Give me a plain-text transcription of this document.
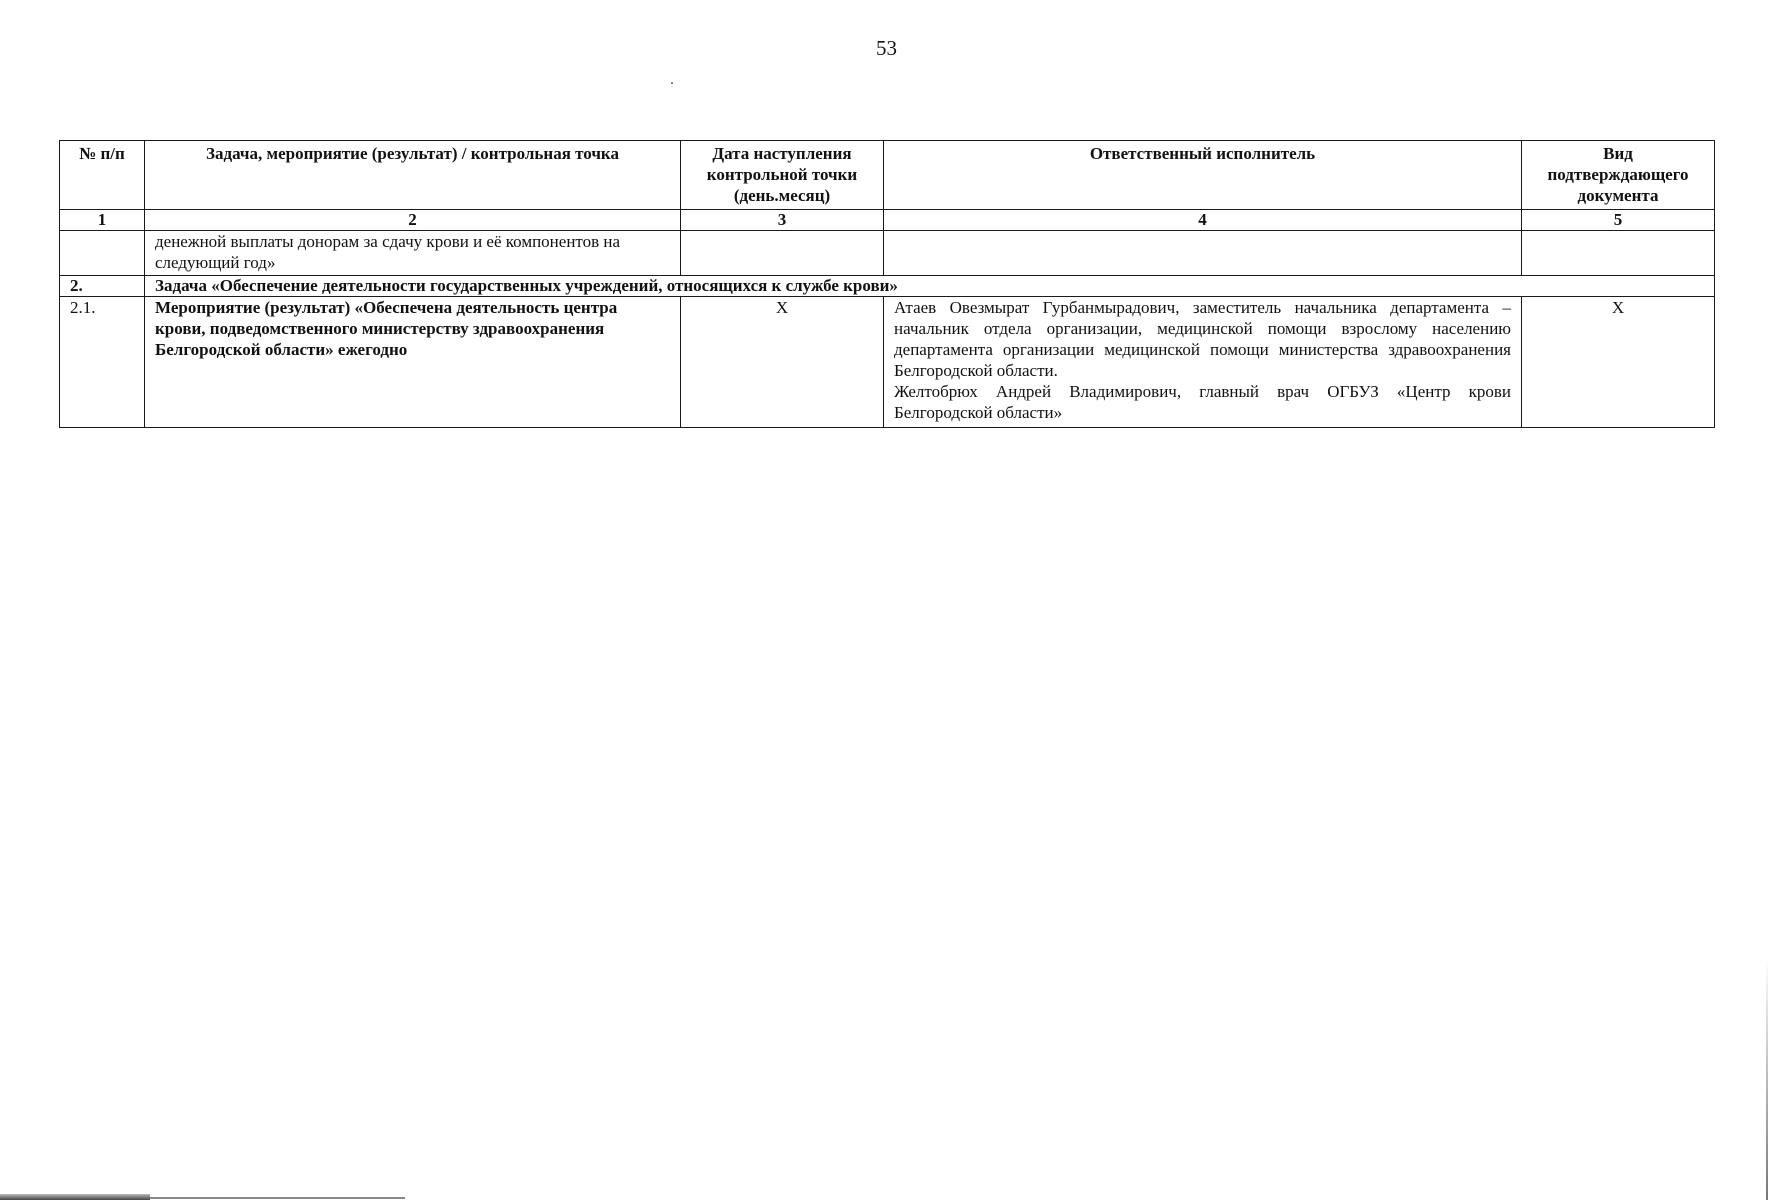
53
№ п/п	Задача, мероприятие (результат) / контрольная точка	Дата наступления контрольной точки (день.месяц)	Ответственный исполнитель	Вид подтверждающего документа
1	2	3	4	5
	денежной выплаты донорам за сдачу крови и её компонентов на следующий год»			
2.	Задача «Обеспечение деятельности государственных учреждений, относящихся к службе крови»			
2.1.	Мероприятие (результат) «Обеспечена деятельность центра крови, подведомственного министерству здравоохранения Белгородской области» ежегодно	X	Атаев Овезмырат Гурбанмырадович, заместитель начальника департамента – начальник отдела организации, медицинской помощи взрослому населению департамента организации медицинской помощи министерства здравоохранения Белгородской области.
Желтобрюх Андрей Владимирович, главный врач ОГБУЗ «Центр крови Белгородской области»	X
